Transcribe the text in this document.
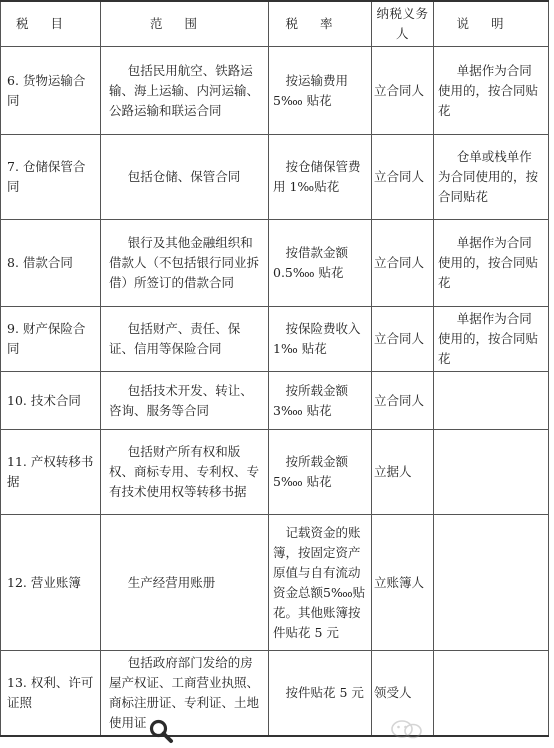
税目	范围	税率	纳税义务人	说明
6. 货物运输合同	包括民用航空、铁路运输、海上运输、内河运输、公路运输和联运合同	按运输费用 5‱ 贴花	立合同人	单据作为合同使用的，按合同贴花
7. 仓储保管合同	包括仓储、保管合同	按仓储保管费用 1‰贴花	立合同人	仓单或栈单作为合同使用的，按合同贴花
8. 借款合同	银行及其他金融组织和借款人（不包括银行同业拆借）所签订的借款合同	按借款金额 0.5‱ 贴花	立合同人	单据作为合同使用的，按合同贴花
9. 财产保险合同	包括财产、责任、保证、信用等保险合同	按保险费收入 1‰ 贴花	立合同人	单据作为合同使用的，按合同贴花
10. 技术合同	包括技术开发、转让、咨询、服务等合同	按所载金额 3‱ 贴花	立合同人	
11. 产权转移书据	包括财产所有权和版权、商标专用、专利权、专有技术使用权等转移书据	按所载金额 5‱ 贴花	立据人	
12. 营业账簿	生产经营用账册	记载资金的账簿，按固定资产原值与自有流动资金总额5‱贴花。其他账簿按件贴花 5 元	立账簿人	
13. 权利、许可证照	包括政府部门发给的房屋产权证、工商营业执照、商标注册证、专利证、土地使用证	按件贴花 5 元	领受人	
